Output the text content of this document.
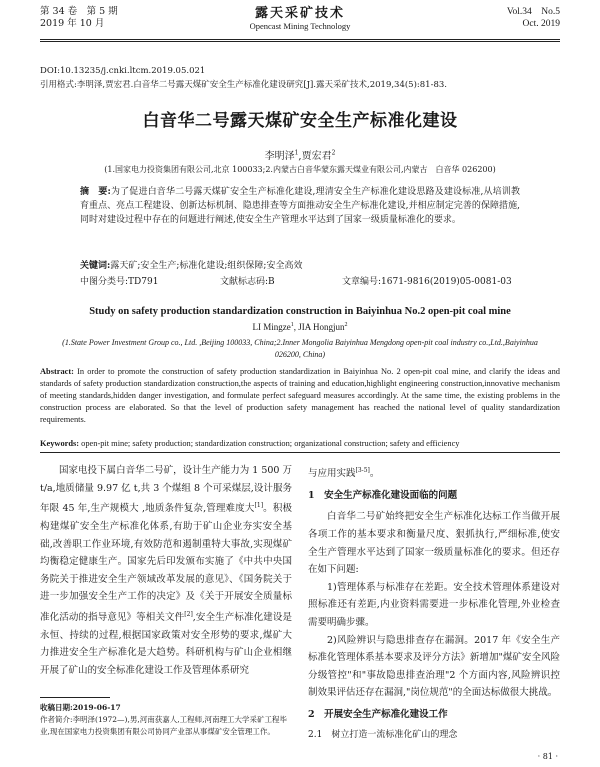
第 34 卷　第 5 期
2019 年 10 月
露天采矿技术
Opencast Mining Technology
Vol.34　No.5
Oct. 2019
DOI:10.13235/j.cnki.ltcm.2019.05.021
引用格式:李明泽,贾宏君.白音华二号露天煤矿安全生产标准化建设研究[J].露天采矿技术,2019,34(5):81-83.
白音华二号露天煤矿安全生产标准化建设
李明泽$^1$,贾宏君$^2$
(1.国家电力投资集团有限公司,北京 100033;2.内蒙古白音华蒙东露天煤业有限公司,内蒙古　白音华 026200)
摘　要:为了促进白音华二号露天煤矿安全生产标准化建设,理清安全生产标准化建设思路及建设标准,从培训教育重点、亮点工程建设、创新达标机制、隐患排查等方面推动安全生产标准化建设,并相应制定完善的保障措施,同时对建设过程中存在的问题进行阐述,使安全生产管理水平达到了国家一级质量标准化的要求。
关键词:露天矿;安全生产;标准化建设;组织保障;安全高效
中图分类号:TD791	文献标志码:B	文章编号:1671-9816(2019)05-0081-03
Study on safety production standardization construction in Baiyinhua No.2 open-pit coal mine
LI Mingze$^1$, JIA Hongjun$^2$
(1.State Power Investment Group co., Ltd. ,Beijing 100033, China;2.Inner Mongolia Baiyinhua Mengdong open-pit coal industry co.,Ltd.,Baiyinhua 026200, China)
Abstract: In order to promote the construction of safety production standardization in Baiyinhua No. 2 open-pit coal mine, and clarify the ideas and standards of safety production standardization construction,the aspects of training and education,highlight engineering construction,innovative mechanism of meeting standards,hidden danger investigation, and formulate perfect safeguard measures accordingly. At the same time, the existing problems in the construction process are elaborated. So that the level of production safety management has reached the national level of quality standardization requirements.
Keywords: open-pit mine; safety production; standardization construction; organizational construction; safety and efficiency

国家电投下属白音华二号矿，设计生产能力为 1 500 万 t/a,地质储量 9.97 亿 t,共 3 个煤组 8 个可采煤层,设计服务年限 45 年,生产规模大 ,地质条件复杂,管理难度大[1]。积极构建煤矿安全生产标准化体系,有助于矿山企业夯实安全基础,改善职工作业环境,有效防范和遏制重特大事故,实现煤矿均衡稳定健康生产。国家先后印发颁布实施了《中共中央国务院关于推进安全生产领域改革发展的意见》、《国务院关于进一步加强安全生产工作的决定》及《关于开展安全质量标准化活动的指导意见》等相关文件[2],安全生产标准化建设是永恒、持续的过程,根据国家政策对安全形势的要求,煤矿大力推进安全生产标准化是大趋势。科研机构与矿山企业相继开展了矿山的安全标准化建设工作及管理体系研究

收稿日期:2019-06-17
作者简介:李明泽(1972—),男,河南获嘉人,工程师,河南理工大学采矿工程毕业,现在国家电力投资集团有限公司协同产业部从事煤矿安全管理工作。

与应用实践[3-5]。

1　安全生产标准化建设面临的问题

白音华二号矿始终把安全生产标准化达标工作当做开展各项工作的基本要求和衡量尺度、狠抓执行,严细标准,使安全生产管理水平达到了国家一级质量标准化的要求。但还存在如下问题:

1)管理体系与标准存在差距。安全技术管理体系建设对照标准还有差距,内业资料需要进一步标准化管理,外业检查需要明确步骤。

2)风险辨识与隐患排查存在漏洞。2017 年《安全生产标准化管理体系基本要求及评分方法》新增加"煤矿安全风险分级管控"和"事故隐患排查治理"2 个方面内容,风险辨识控制效果评估还存在漏洞,"岗位规范"的全面达标做很大挑战。

2　开展安全生产标准化建设工作

2.1　树立打造一流标准化矿山的理念

· 81 ·
